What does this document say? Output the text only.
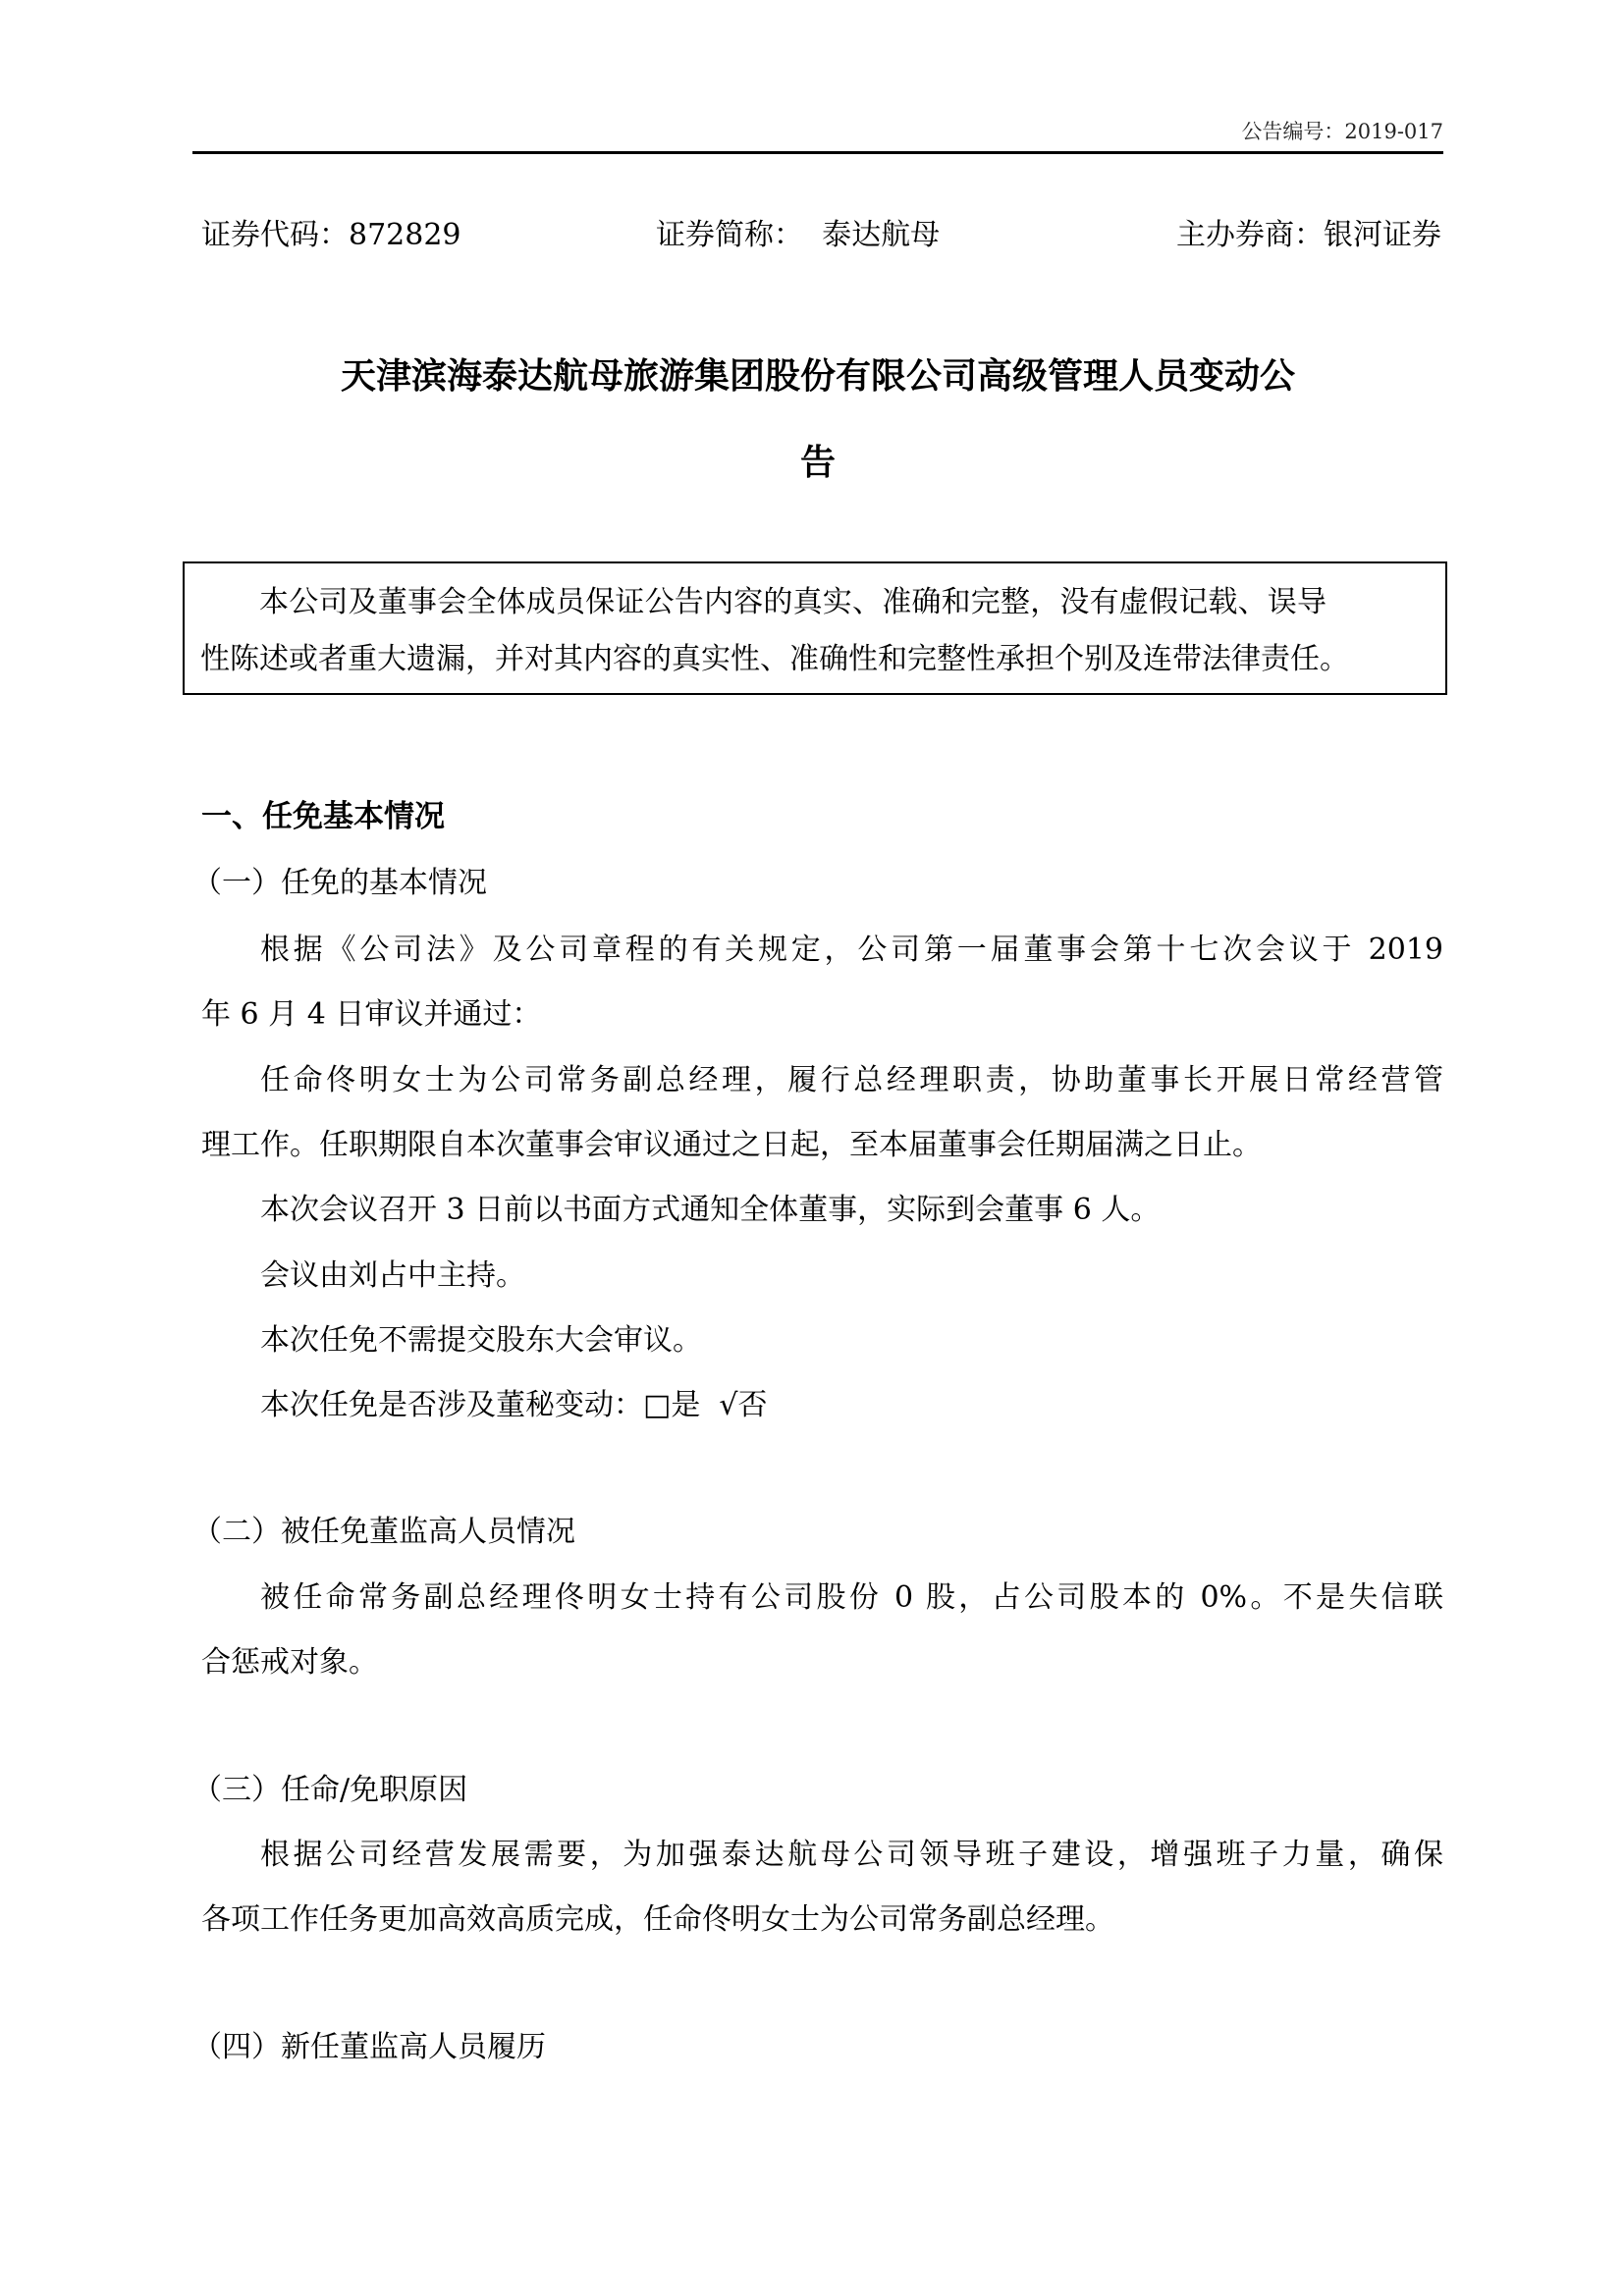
公告编号：2019-017
证券代码：872829	证券简称：  泰达航母	主办券商：银河证券
天津滨海泰达航母旅游集团股份有限公司高级管理人员变动公
告
本公司及董事会全体成员保证公告内容的真实、准确和完整，没有虚假记载、误导
性陈述或者重大遗漏，并对其内容的真实性、准确性和完整性承担个别及连带法律责任。
一、任免基本情况
（一）任免的基本情况
根据《公司法》及公司章程的有关规定，公司第一届董事会第十七次会议于 2019
年 6 月 4 日审议并通过：
任命佟明女士为公司常务副总经理，履行总经理职责，协助董事长开展日常经营管
理工作。任职期限自本次董事会审议通过之日起，至本届董事会任期届满之日止。
本次会议召开 3 日前以书面方式通知全体董事，实际到会董事 6 人。
会议由刘占中主持。
本次任免不需提交股东大会审议。
本次任免是否涉及董秘变动：□是  √否
（二）被任免董监高人员情况
被任命常务副总经理佟明女士持有公司股份 0 股，占公司股本的 0%。不是失信联
合惩戒对象。
（三）任命/免职原因
根据公司经营发展需要，为加强泰达航母公司领导班子建设，增强班子力量，确保
各项工作任务更加高效高质完成，任命佟明女士为公司常务副总经理。
（四）新任董监高人员履历
